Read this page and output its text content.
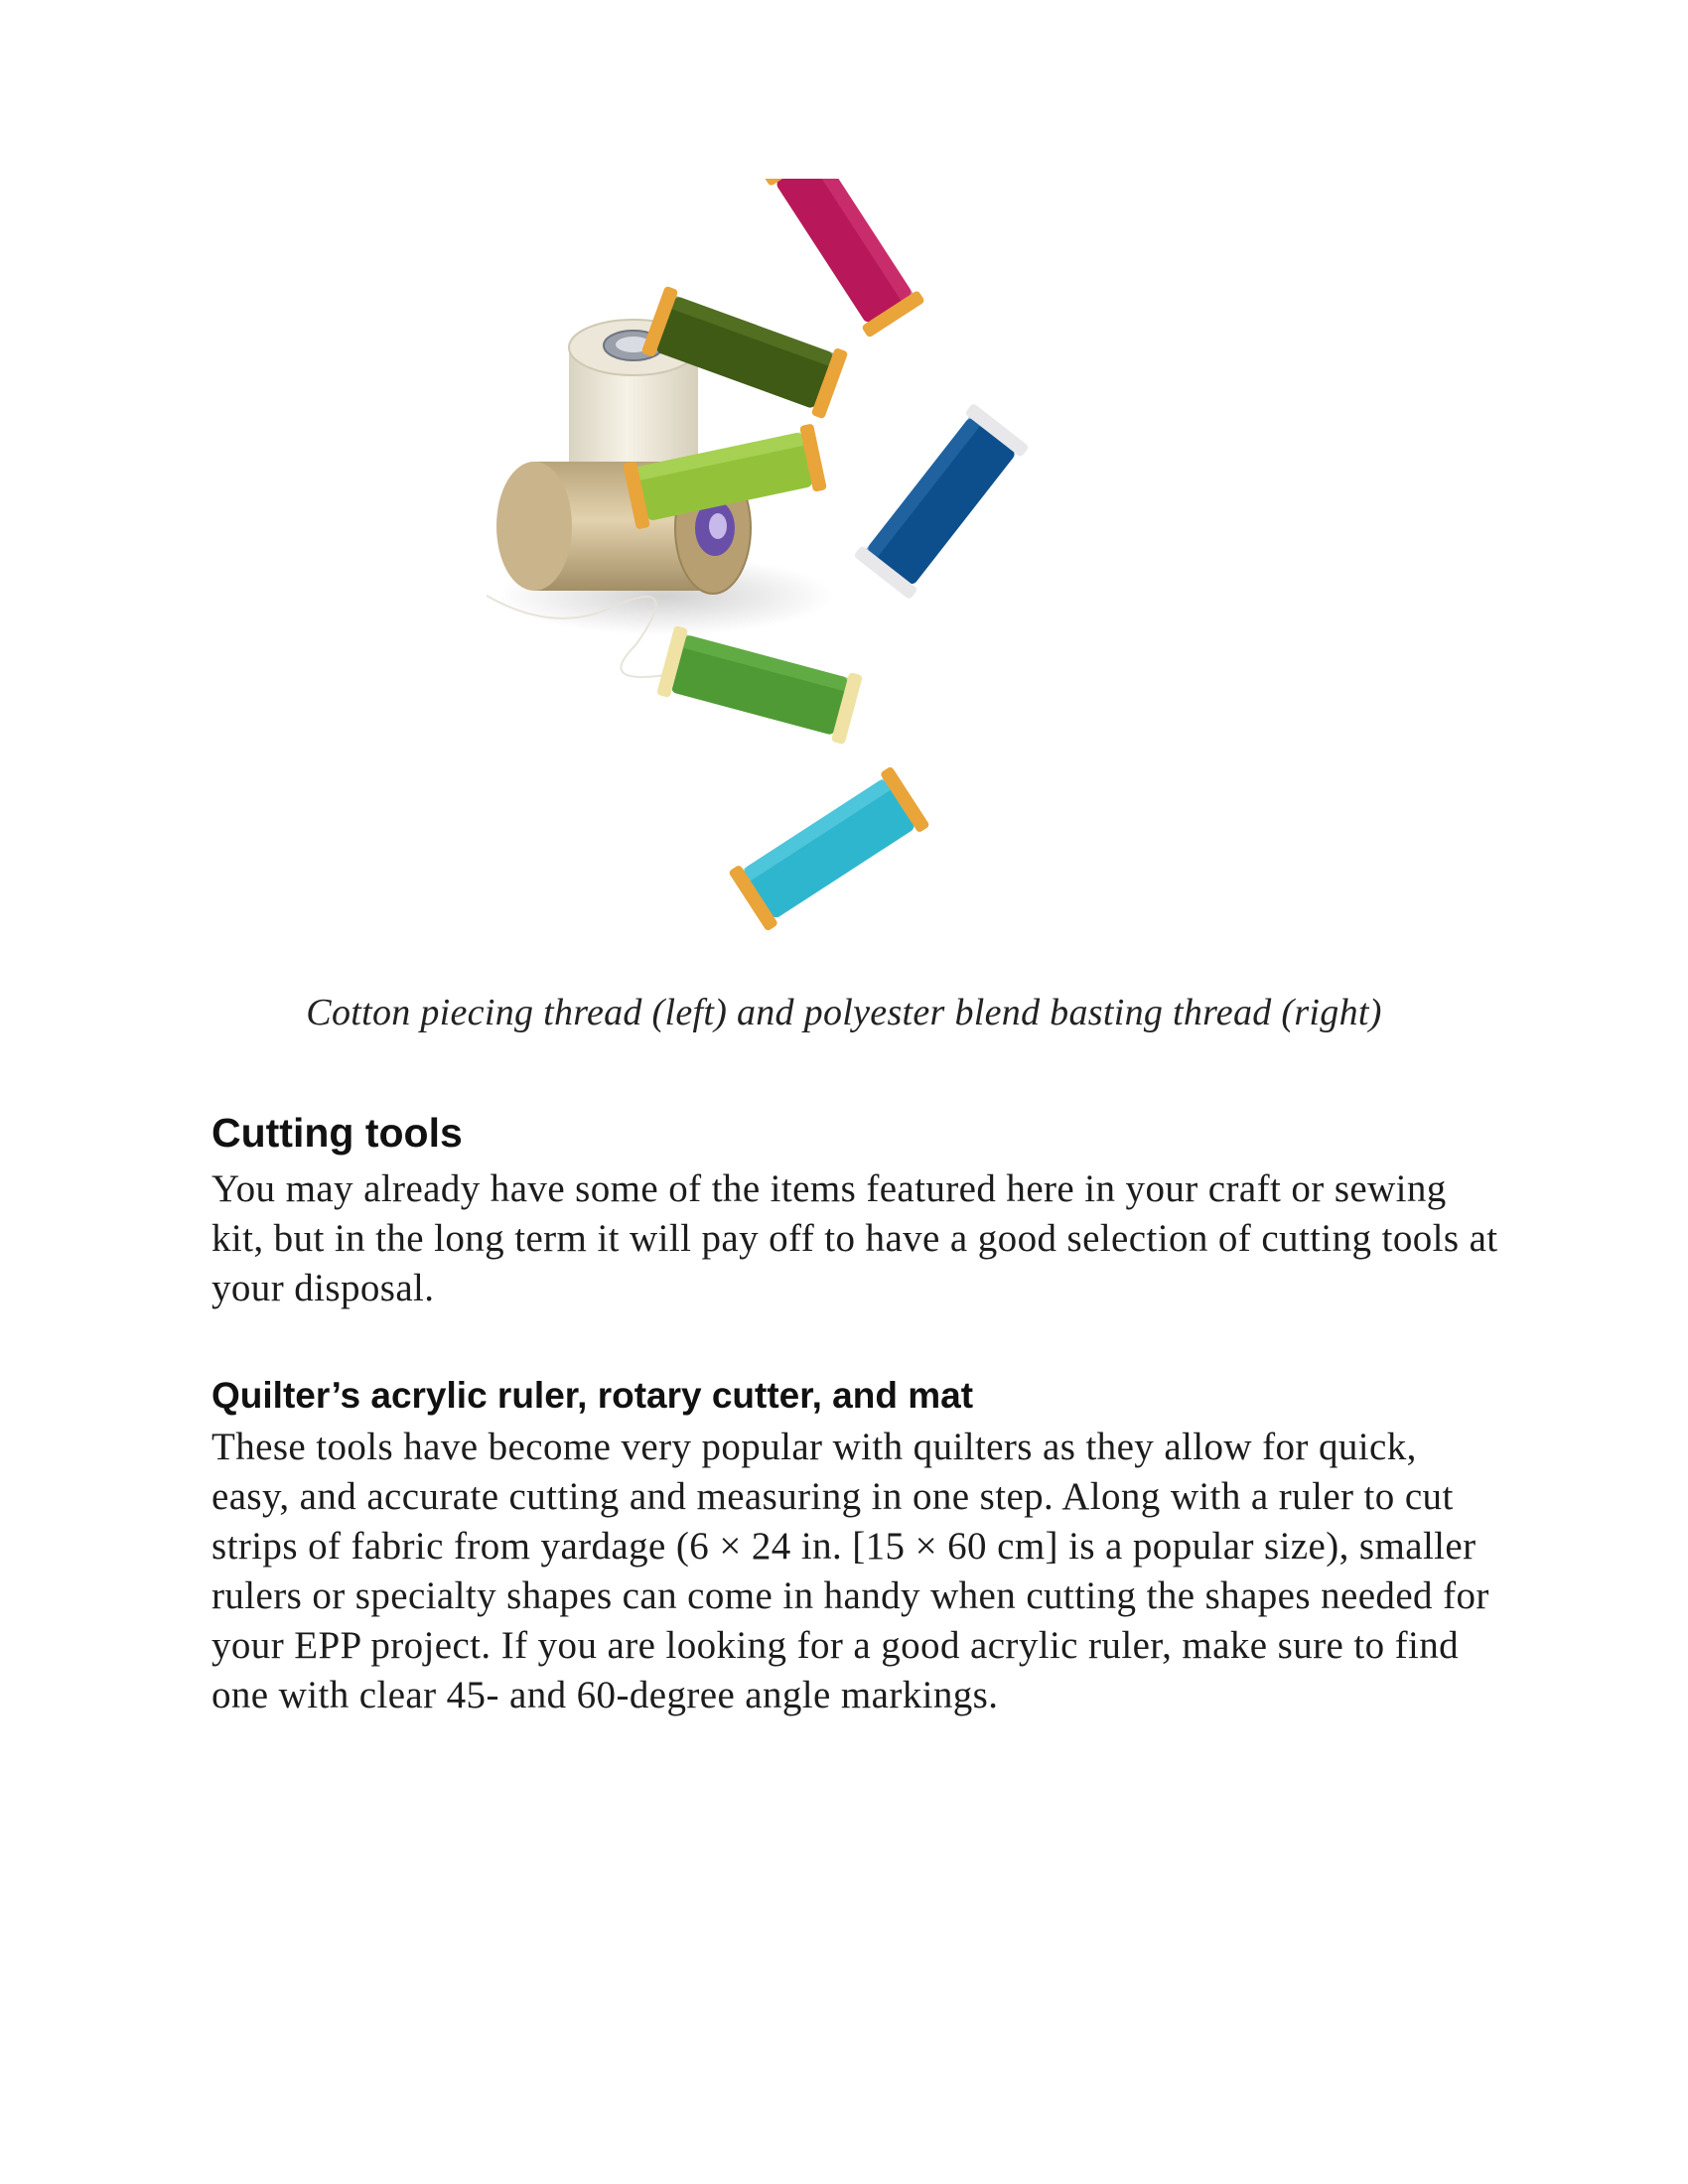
Cotton piecing thread (left) and polyester blend basting thread (right)
Cutting tools

You may already have some of the items featured here in your craft or sewing kit, but in the long term it will pay off to have a good selection of cutting tools at your disposal.

Quilter’s acrylic ruler, rotary cutter, and mat

These tools have become very popular with quilters as they allow for quick, easy, and accurate cutting and measuring in one step. Along with a ruler to cut strips of fabric from yardage (6 × 24 in. [15 × 60 cm] is a popular size), smaller rulers or specialty shapes can come in handy when cutting the shapes needed for your EPP project. If you are looking for a good acrylic ruler, make sure to find one with clear 45- and 60-degree angle markings.
